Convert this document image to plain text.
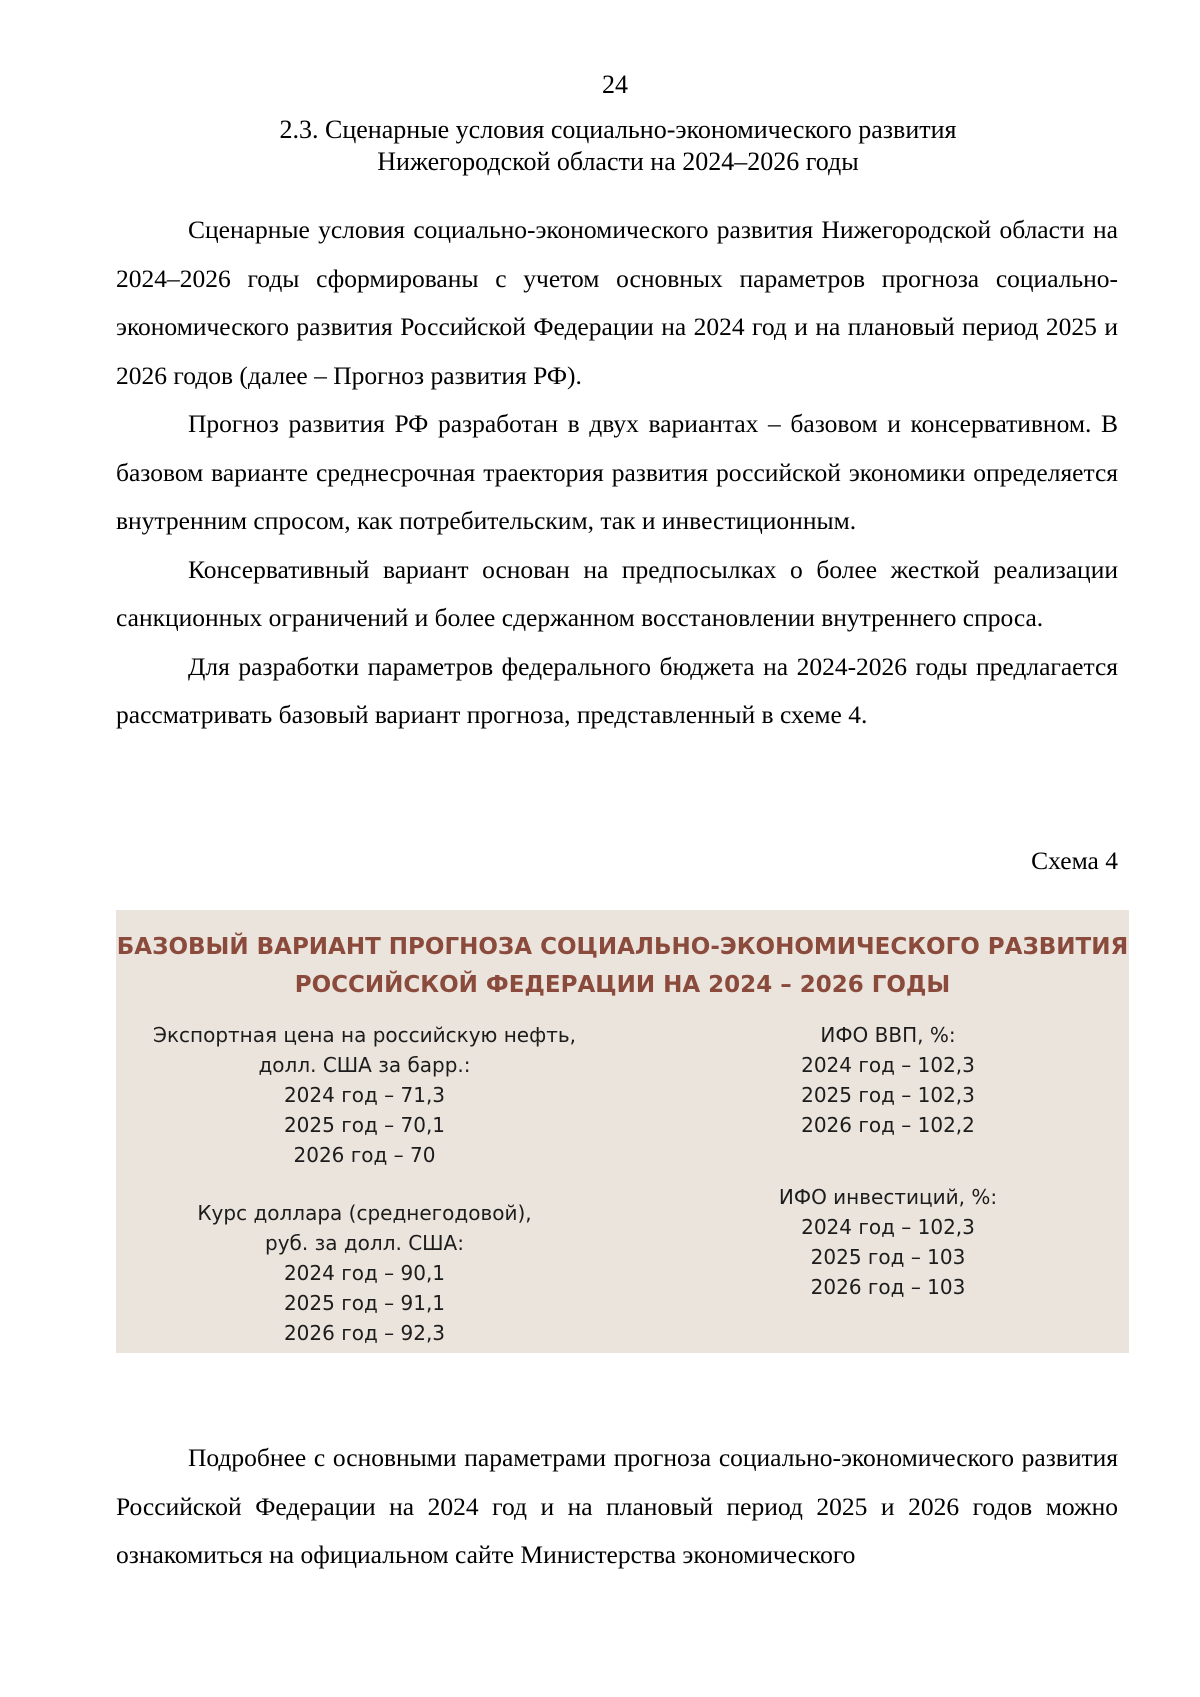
24
2.3. Сценарные условия социально-экономического развития
Нижегородской области на 2024–2026 годы

Сценарные условия социально-экономического развития Нижегородской области на 2024–2026 годы сформированы с учетом основных параметров прогноза социально-экономического развития Российской Федерации на 2024 год и на плановый период 2025 и 2026 годов (далее – Прогноз развития РФ).

Прогноз развития РФ разработан в двух вариантах – базовом и консервативном. В базовом варианте среднесрочная траектория развития российской экономики определяется внутренним спросом, как потребительским, так и инвестиционным.

Консервативный вариант основан на предпосылках о более жесткой реализации санкционных ограничений и более сдержанном восстановлении внутреннего спроса.

Для разработки параметров федерального бюджета на 2024-2026 годы предлагается рассматривать базовый вариант прогноза, представленный в схеме 4.

Схема 4
БАЗОВЫЙ ВАРИАНТ ПРОГНОЗА СОЦИАЛЬНО-ЭКОНОМИЧЕСКОГО РАЗВИТИЯ
РОССИЙСКОЙ ФЕДЕРАЦИИ НА 2024 – 2026 ГОДЫ
Экспортная цена на российскую нефть,
долл. США за барр.:
2024 год – 71,3
2025 год – 70,1
2026 год – 70
Курс доллара (среднегодовой),
руб. за долл. США:
2024 год – 90,1
2025 год – 91,1
2026 год – 92,3
ИФО ВВП, %:
2024 год – 102,3
2025 год – 102,3
2026 год – 102,2
ИФО инвестиций, %:
2024 год – 102,3
2025 год – 103
2026 год – 103

Подробнее с основными параметрами прогноза социально-экономического развития Российской Федерации на 2024 год и на плановый период 2025 и 2026 годов можно ознакомиться на официальном сайте Министерства экономического
